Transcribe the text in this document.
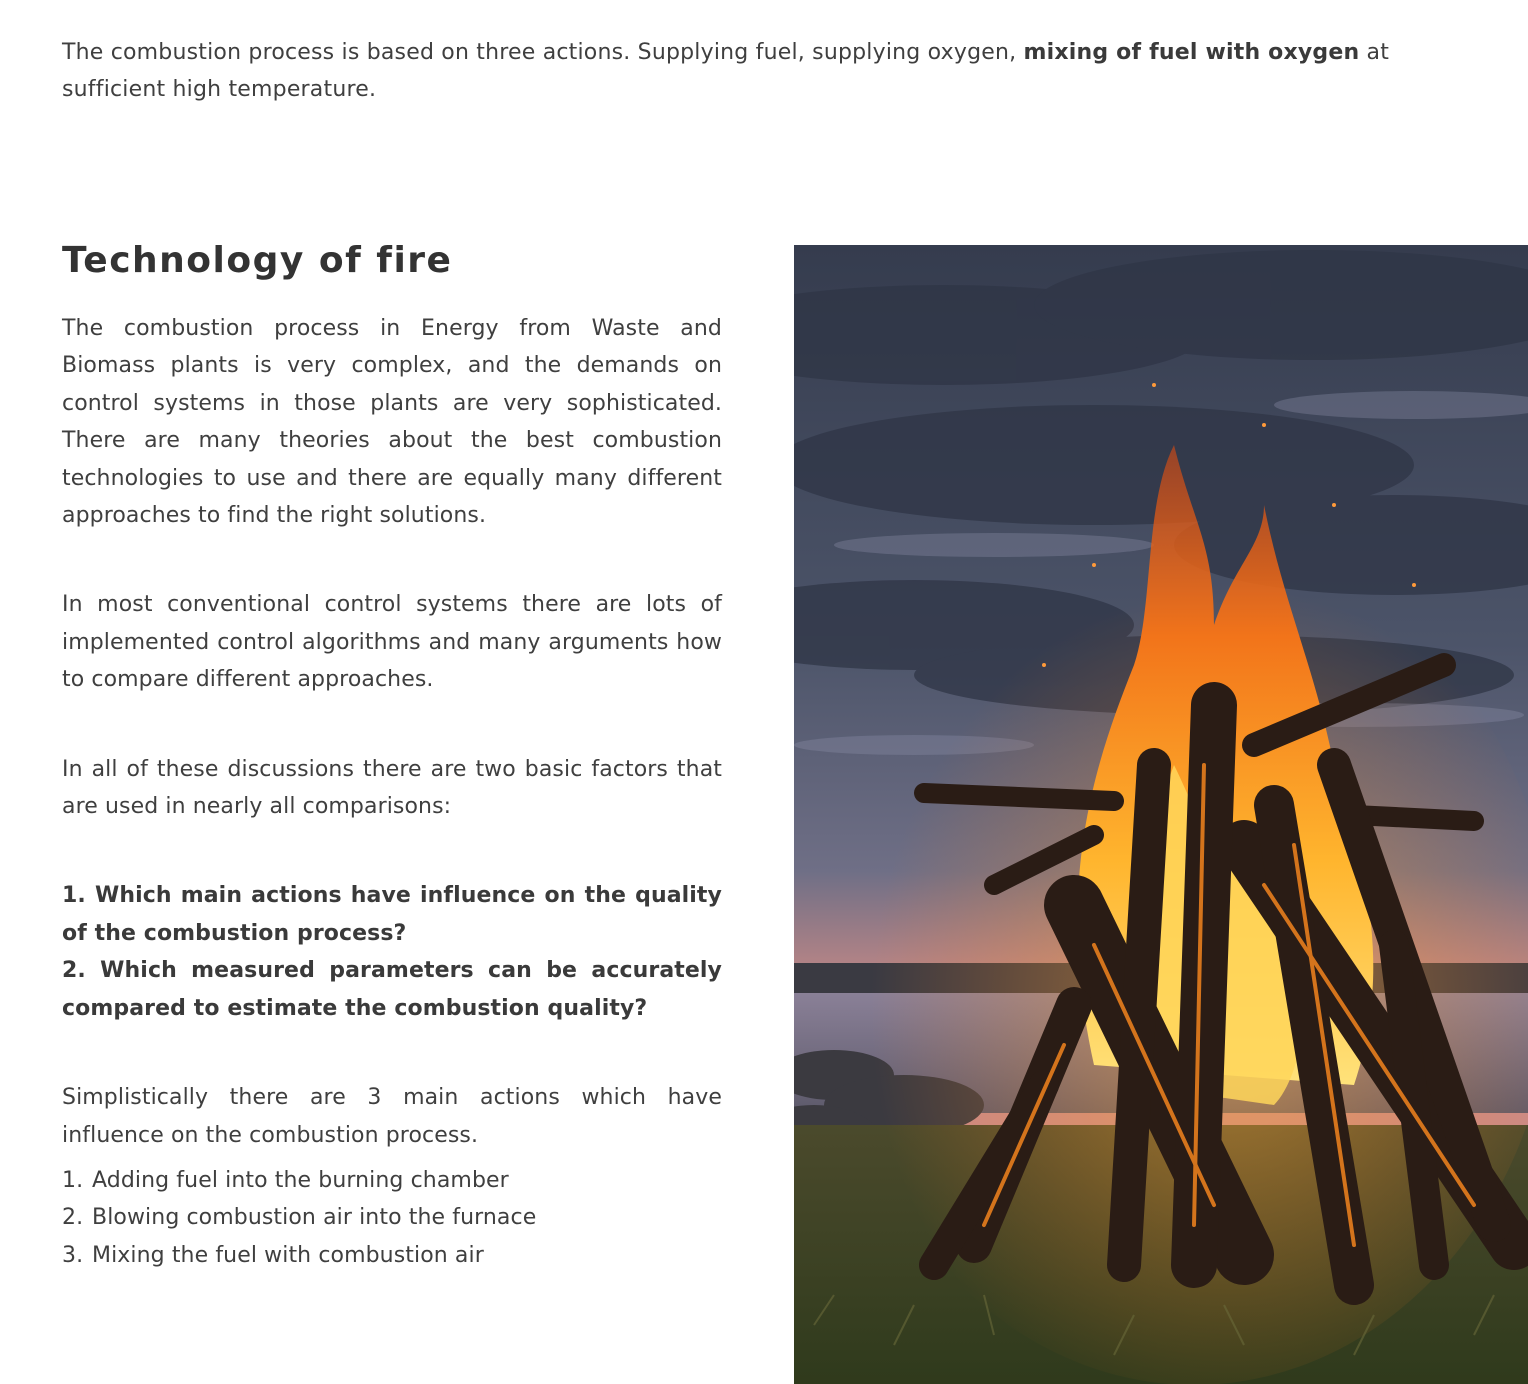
The combustion process is based on three actions. Supplying fuel, supplying oxygen, mixing of fuel with oxygen at sufficient high temperature.

Technology of fire

The combustion process in Energy from Waste and Biomass plants is very complex, and the demands on control systems in those plants are very sophisticated. There are many theories about the best combustion technologies to use and there are equally many different approaches to find the right solutions.

In most conventional control systems there are lots of implemented control algorithms and many arguments how to compare different approaches.

In all of these discussions there are two basic factors that are used in nearly all comparisons:

1. Which main actions have influence on the quality of the combustion process?

2. Which measured parameters can be accurately compared to estimate the combustion quality?

Simplistically there are 3 main actions which have influence on the combustion process.

1. Adding fuel into the burning chamber
2. Blowing combustion air into the furnace
3. Mixing the fuel with combustion air
